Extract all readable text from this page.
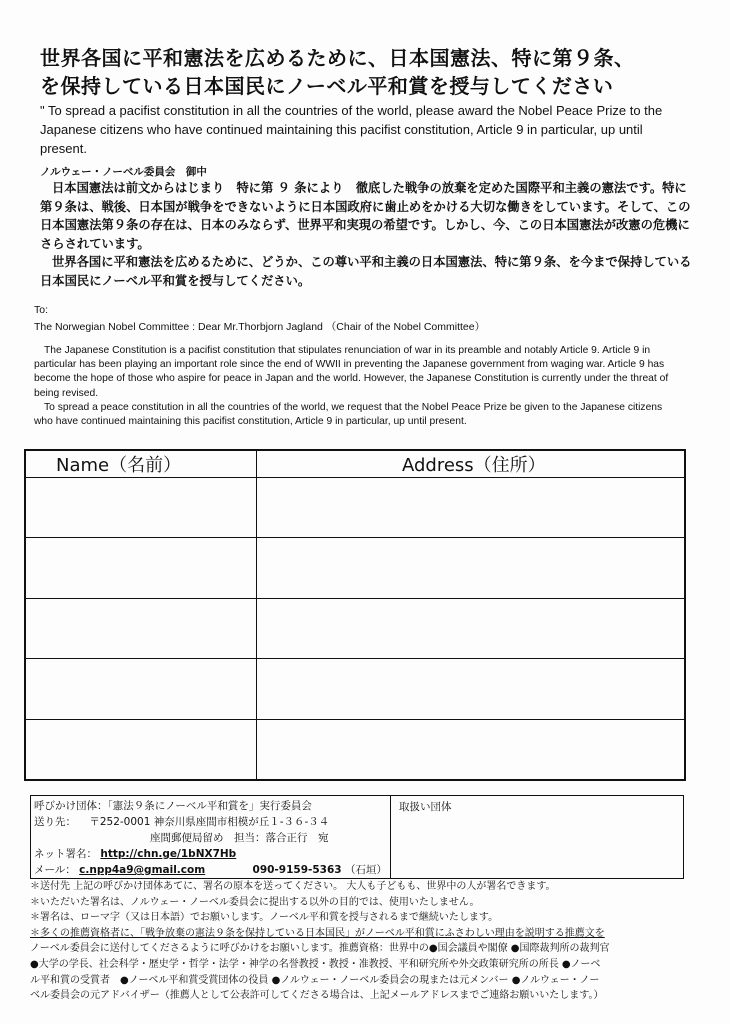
世界各国に平和憲法を広めるために、日本国憲法、特に第９条、
を保持している日本国民にノーベル平和賞を授与してください
" To spread a pacifist constitution in all the countries of the world, please award the Nobel Peace Prize to the Japanese citizens who have continued maintaining this pacifist constitution, Article 9 in particular, up until present.
ノルウェー・ノーベル委員会　御中

日本国憲法は前文からはじまり　特に第 ９ 条により　徹底した戦争の放棄を定めた国際平和主義の憲法です。特に　第９条は、戦後、日本国が戦争をできないように日本国政府に歯止めをかける大切な働きをしています。そして、この日本国憲法第９条の存在は、日本のみならず、世界平和実現の希望です。しかし、今、この日本国憲法が改憲の危機にさらされています。

世界各国に平和憲法を広めるために、どうか、この尊い平和主義の日本国憲法、特に第９条、を今まで保持している日本国民にノーベル平和賞を授与してください。

To:
The Norwegian Nobel Committee : Dear Mr.Thorbjorn Jagland （Chair of the Nobel Committee）

The Japanese Constitution is a pacifist constitution that stipulates renunciation of war in its preamble and notably Article 9. Article 9 in particular has been playing an important role since the end of WWII in preventing the Japanese government from waging war. Article 9 has become the hope of those who aspire for peace in Japan and the world. However, the Japanese Constitution is currently under the threat of being revised.

To spread a peace constitution in all the countries of the world, we request that the Nobel Peace Prize be given to the Japanese citizens who have continued maintaining this pacifist constitution, Article 9 in particular, up until present.

Name（名前）	Address（住所）

呼びかけ団体：「憲法９条にノーベル平和賞を」実行委員会
送り先： 〒252-0001 神奈川県座間市相模が丘１-３６-３４
座間郵便局留め　担当：落合正行　宛
ネット署名： http://chn.ge/1bNX7Hb
メール： c.npp4a9@gmail.com	090-9159-5363 （石垣）
取扱い団体
＊送付先 上記の呼びかけ団体あてに、署名の原本を送ってください。 大人も子どもも、世界中の人が署名できます。
＊いただいた署名は、ノルウェー・ノーベル委員会に提出する以外の目的では、使用いたしません。
＊署名は、ローマ字（又は日本語）でお願いします。ノーベル平和賞を授与されるまで継続いたします。
＊多くの推薦資格者に、「戦争放棄の憲法９条を保持している日本国民」がノーベル平和賞にふさわしい理由を説明する推薦文を
ノーベル委員会に送付してくださるように呼びかけをお願いします。推薦資格：世界中の●国会議員や閣僚 ●国際裁判所の裁判官
●大学の学長、社会科学・歴史学・哲学・法学・神学の名誉教授・教授・准教授、平和研究所や外交政策研究所の所長 ●ノーベ
ル平和賞の受賞者　●ノーベル平和賞受賞団体の役員 ●ノルウェー・ノーベル委員会の現または元メンバー ●ノルウェー・ノー
ベル委員会の元アドバイザー（推薦人として公表許可してくださる場合は、上記メールアドレスまでご連絡お願いいたします。）
